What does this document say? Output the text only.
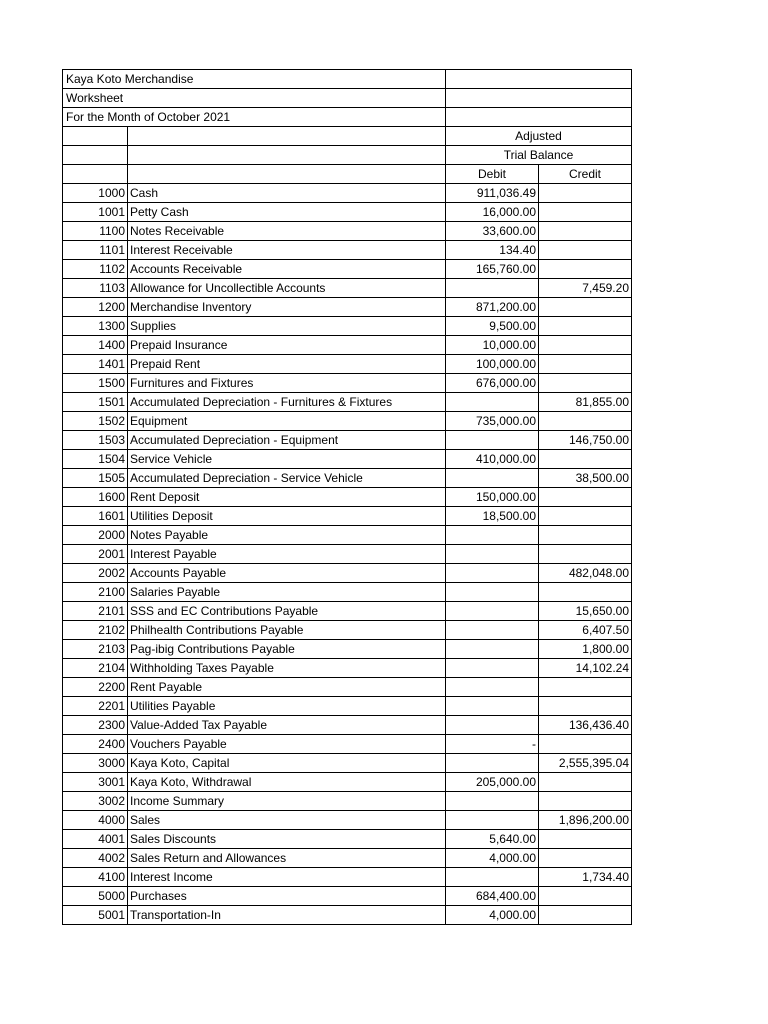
Kaya Koto Merchandise			
Worksheet			
For the Month of October 2021			
		Adjusted	
		Trial Balance	
		Debit	Credit
1000	Cash	911,036.49	
1001	Petty Cash	16,000.00	
1100	Notes Receivable	33,600.00	
1101	Interest Receivable	134.40	
1102	Accounts Receivable	165,760.00	
1103	Allowance for Uncollectible Accounts		7,459.20
1200	Merchandise Inventory	871,200.00	
1300	Supplies	9,500.00	
1400	Prepaid Insurance	10,000.00	
1401	Prepaid Rent	100,000.00	
1500	Furnitures and Fixtures	676,000.00	
1501	Accumulated Depreciation - Furnitures & Fixtures		81,855.00
1502	Equipment	735,000.00	
1503	Accumulated Depreciation - Equipment		146,750.00
1504	Service Vehicle	410,000.00	
1505	Accumulated Depreciation - Service Vehicle		38,500.00
1600	Rent Deposit	150,000.00	
1601	Utilities Deposit	18,500.00	
2000	Notes Payable		
2001	Interest Payable		
2002	Accounts Payable		482,048.00
2100	Salaries Payable		
2101	SSS and EC Contributions Payable		15,650.00
2102	Philhealth Contributions Payable		6,407.50
2103	Pag-ibig Contributions Payable		1,800.00
2104	Withholding Taxes Payable		14,102.24
2200	Rent Payable		
2201	Utilities Payable		
2300	Value-Added Tax Payable		136,436.40
2400	Vouchers Payable	-	
3000	Kaya Koto, Capital		2,555,395.04
3001	Kaya Koto, Withdrawal	205,000.00	
3002	Income Summary		
4000	Sales		1,896,200.00
4001	Sales Discounts	5,640.00	
4002	Sales Return and Allowances	4,000.00	
4100	Interest Income		1,734.40
5000	Purchases	684,400.00	
5001	Transportation-In	4,000.00	
